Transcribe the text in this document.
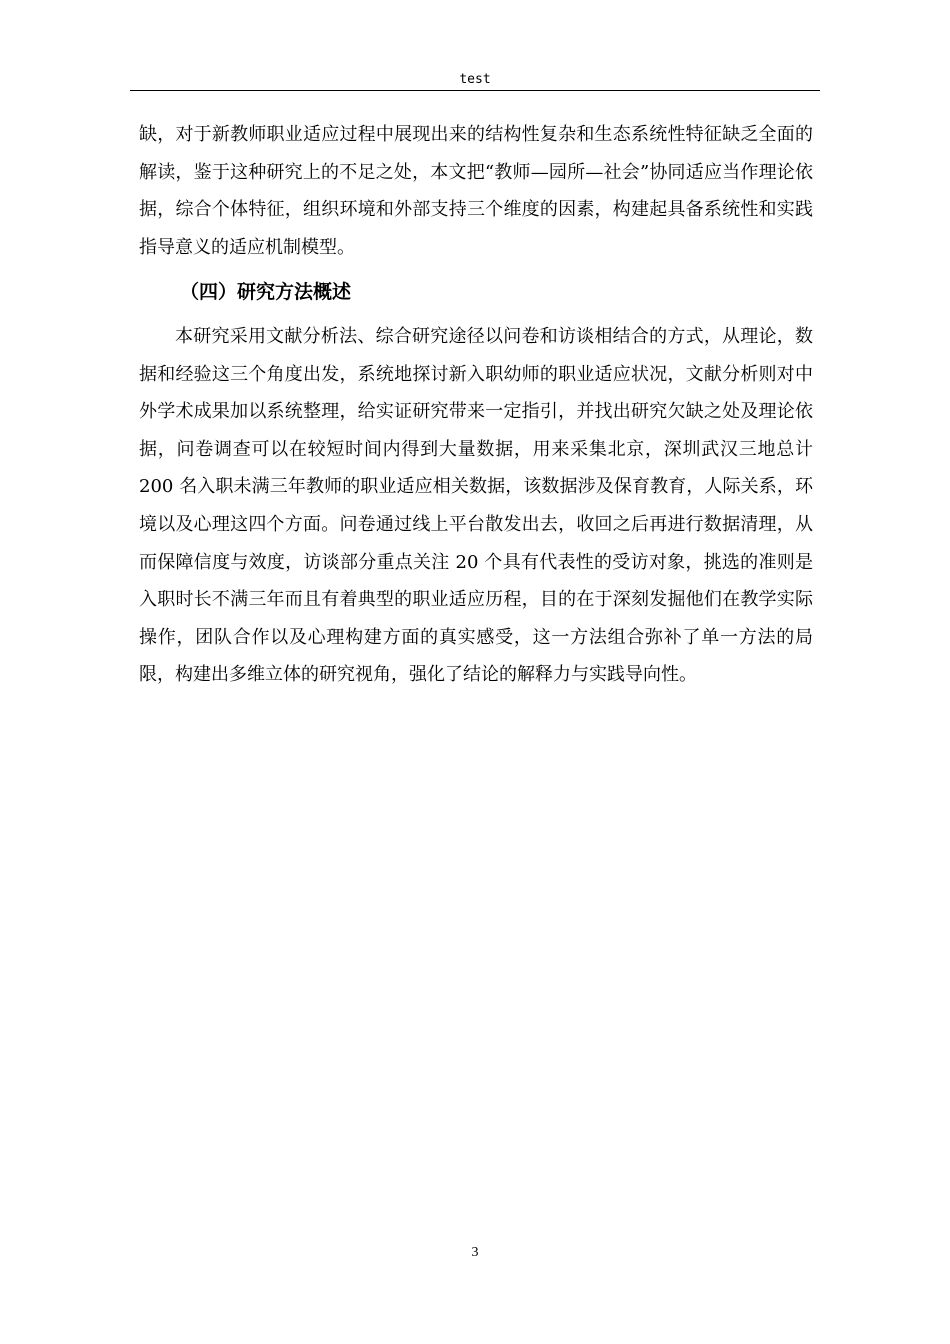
test

缺，对于新教师职业适应过程中展现出来的结构性复杂和生态系统性特征缺乏全面的解读，鉴于这种研究上的不足之处，本文把“教师—园所—社会”协同适应当作理论依据，综合个体特征，组织环境和外部支持三个维度的因素，构建起具备系统性和实践指导意义的适应机制模型。

（四）研究方法概述

本研究采用文献分析法、综合研究途径以问卷和访谈相结合的方式，从理论，数据和经验这三个角度出发，系统地探讨新入职幼师的职业适应状况，文献分析则对中外学术成果加以系统整理，给实证研究带来一定指引，并找出研究欠缺之处及理论依据，问卷调查可以在较短时间内得到大量数据，用来采集北京，深圳武汉三地总计 200 名入职未满三年教师的职业适应相关数据，该数据涉及保育教育，人际关系，环境以及心理这四个方面。问卷通过线上平台散发出去，收回之后再进行数据清理，从而保障信度与效度，访谈部分重点关注 20 个具有代表性的受访对象，挑选的准则是入职时长不满三年而且有着典型的职业适应历程，目的在于深刻发掘他们在教学实际操作，团队合作以及心理构建方面的真实感受，这一方法组合弥补了单一方法的局限，构建出多维立体的研究视角，强化了结论的解释力与实践导向性。

3
